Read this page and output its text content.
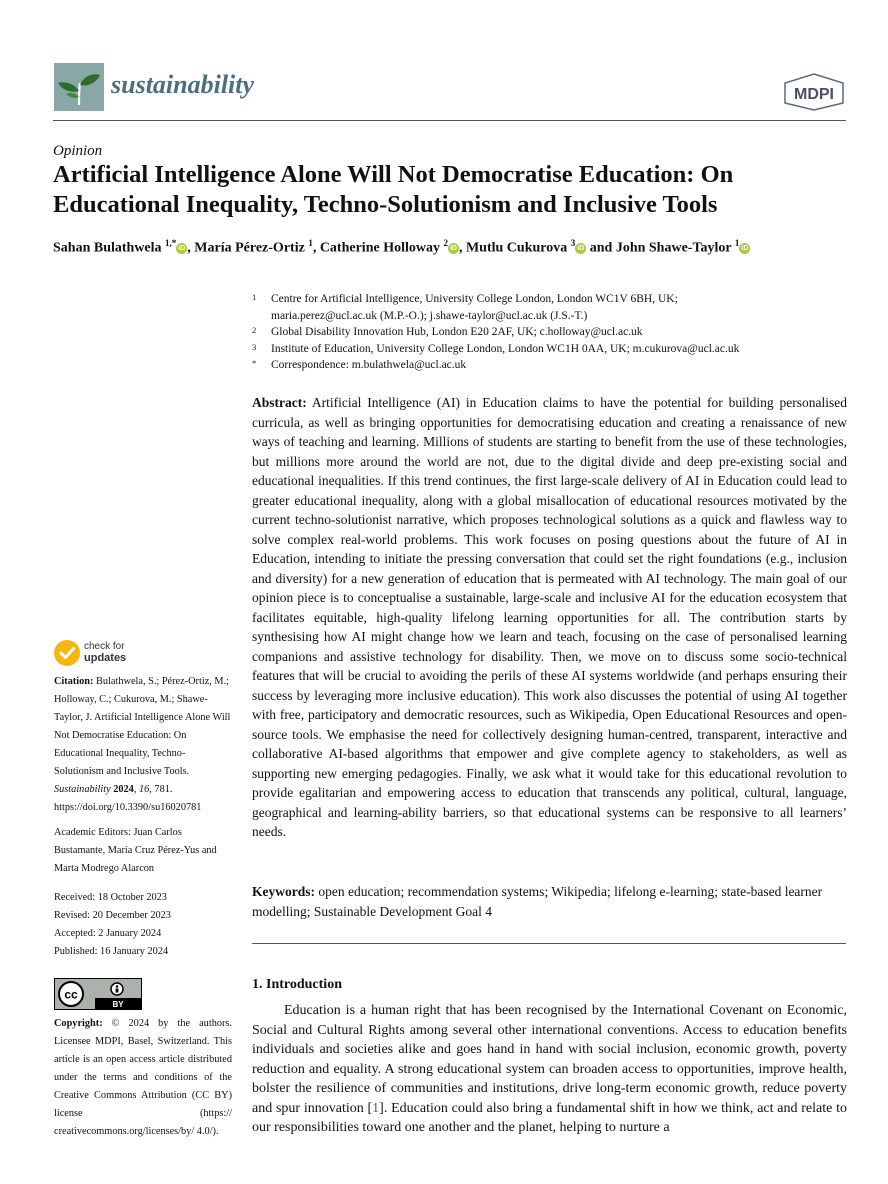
sustainability	MDPI
Opinion
Artificial Intelligence Alone Will Not Democratise Education: On Educational Inequality, Techno-Solutionism and Inclusive Tools
Sahan Bulathwela $^{1,*}$iD , María Pérez-Ortiz $^1$, Catherine Holloway $^2$iD , Mutlu Cukurova $^3$iD and John Shawe-Taylor $^1$iD
1 Centre for Artificial Intelligence, University College London, London WC1V 6BH, UK;
maria.perez@ucl.ac.uk (M.P.-O.); j.shawe-taylor@ucl.ac.uk (J.S.-T.)
2 Global Disability Innovation Hub, London E20 2AF, UK; c.holloway@ucl.ac.uk
3 Institute of Education, University College London, London WC1H 0AA, UK; m.cukurova@ucl.ac.uk
* Correspondence: m.bulathwela@ucl.ac.uk
Abstract: Artificial Intelligence (AI) in Education claims to have the potential for building personalised curricula, as well as bringing opportunities for democratising education and creating a renaissance of new ways of teaching and learning. Millions of students are starting to benefit from the use of these technologies, but millions more around the world are not, due to the digital divide and deep pre-existing social and educational inequalities. If this trend continues, the first large-scale delivery of AI in Education could lead to greater educational inequality, along with a global misallocation of educational resources motivated by the current techno-solutionist narrative, which proposes technological solutions as a quick and flawless way to solve complex real-world problems. This work focuses on posing questions about the future of AI in Education, intending to initiate the pressing conversation that could set the right foundations (e.g., inclusion and diversity) for a new generation of education that is permeated with AI technology. The main goal of our opinion piece is to conceptualise a sustainable, large-scale and inclusive AI for the education ecosystem that facilitates equitable, high-quality lifelong learning opportunities for all. The contribution starts by synthesising how AI might change how we learn and teach, focusing on the case of personalised learning companions and assistive technology for disability. Then, we move on to discuss some socio-technical features that will be crucial to avoiding the perils of these AI systems worldwide (and perhaps ensuring their success by leveraging more inclusive education). This work also discusses the potential of using AI together with free, participatory and democratic resources, such as Wikipedia, Open Educational Resources and open-source tools. We emphasise the need for collectively designing human-centred, transparent, interactive and collaborative AI-based algorithms that empower and give complete agency to stakeholders, as well as supporting new emerging pedagogies. Finally, we ask what it would take for this educational revolution to provide egalitarian and empowering access to education that transcends any political, cultural, language, geographical and learning-ability barriers, so that educational systems can be responsive to all learners’ needs.
Keywords: open education; recommendation systems; Wikipedia; lifelong e-learning; state-based learner modelling; Sustainable Development Goal 4
1. Introduction
Education is a human right that has been recognised by the International Covenant on Economic, Social and Cultural Rights among several other international conventions. Access to education benefits individuals and societies alike and goes hand in hand with social inclusion, economic growth, poverty reduction and equality. A strong educational system can broaden access to opportunities, improve health, bolster the resilience of communities and institutions, drive long-term economic growth, reduce poverty and spur innovation [1]. Education could also bring a fundamental shift in how we think, act and relate to our responsibilities toward one another and the planet, helping to nurture a
check for
updates
Citation: Bulathwela, S.; Pérez-Ortiz, M.; Holloway, C.; Cukurova, M.; Shawe-Taylor, J. Artificial Intelligence Alone Will Not Democratise Education: On Educational Inequality, Techno-Solutionism and Inclusive Tools. Sustainability 2024, 16, 781. https://doi.org/10.3390/su16020781
Academic Editors: Juan Carlos Bustamante, María Cruz Pérez-Yus and Marta Modrego Alarcon
Received: 18 October 2023
Revised: 20 December 2023
Accepted: 2 January 2024
Published: 16 January 2024
cc
BY
Copyright: © 2024 by the authors. Licensee MDPI, Basel, Switzerland. This article is an open access article distributed under the terms and conditions of the Creative Commons Attribution (CC BY) license (https:// creativecommons.org/licenses/by/ 4.0/).
